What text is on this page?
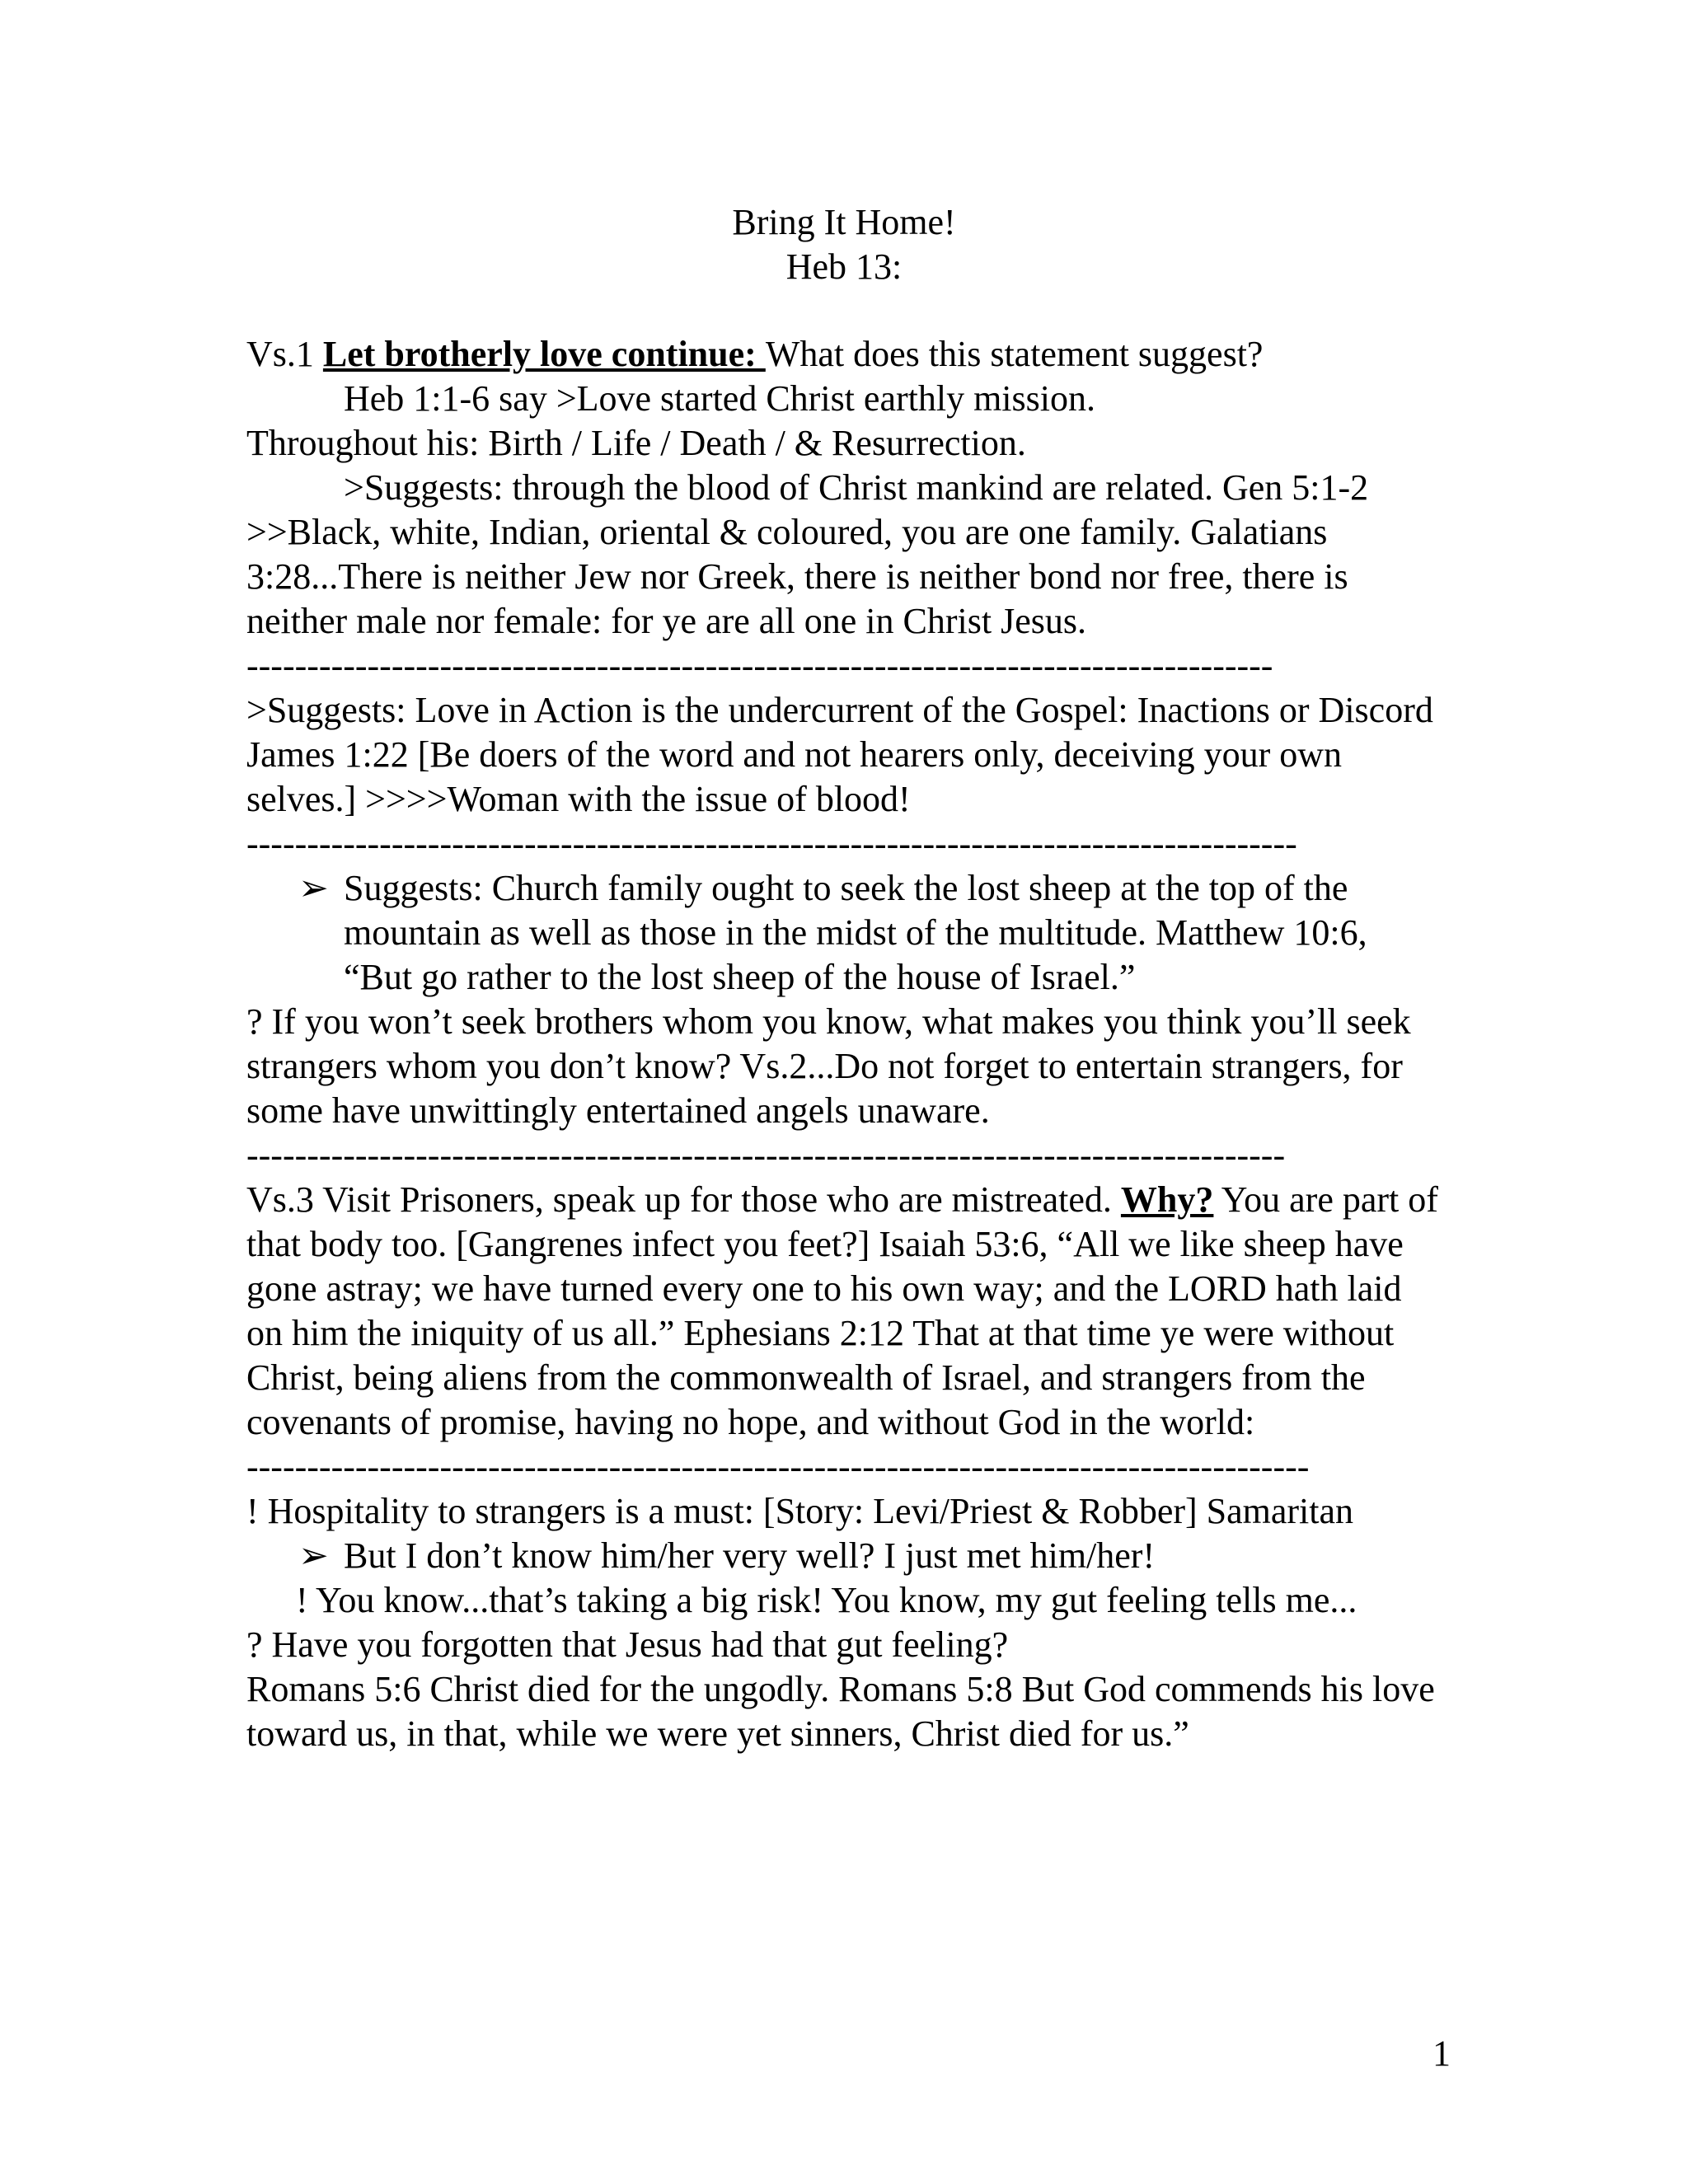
Bring It Home!
Heb 13:

Vs.1 Let brotherly love continue: What does this statement suggest?

Heb 1:1-6 say >Love started Christ earthly mission.

Throughout his: Birth / Life / Death / & Resurrection.

>Suggests: through the blood of Christ mankind are related. Gen 5:1-2

>>Black, white, Indian, oriental & coloured, you are one family. Galatians 3:28...There is neither Jew nor Greek, there is neither bond nor free, there is neither male nor female: for ye are all one in Christ Jesus.

-------------------------------------------------------------------------------------

>Suggests: Love in Action is the undercurrent of the Gospel: Inactions or Discord James 1:22 [Be doers of the word and not hearers only, deceiving your own selves.] >>>>Woman with the issue of blood!

---------------------------------------------------------------------------------------

➢ Suggests: Church family ought to seek the lost sheep at the top of the mountain as well as those in the midst of the multitude. Matthew 10:6, “But go rather to the lost sheep of the house of Israel.”

? If you won’t seek brothers whom you know, what makes you think you’ll seek strangers whom you don’t know? Vs.2...Do not forget to entertain strangers, for some have unwittingly entertained angels unaware.

--------------------------------------------------------------------------------------

Vs.3 Visit Prisoners, speak up for those who are mistreated. Why? You are part of that body too. [Gangrenes infect you feet?] Isaiah 53:6, “All we like sheep have gone astray; we have turned every one to his own way; and the LORD hath laid on him the iniquity of us all.” Ephesians 2:12 That at that time ye were without Christ, being aliens from the commonwealth of Israel, and strangers from the covenants of promise, having no hope, and without God in the world:

----------------------------------------------------------------------------------------

! Hospitality to strangers is a must: [Story: Levi/Priest & Robber] Samaritan

➢ But I don’t know him/her very well? I just met him/her!

! You know...that’s taking a big risk! You know, my gut feeling tells me...

? Have you forgotten that Jesus had that gut feeling?

Romans 5:6 Christ died for the ungodly. Romans 5:8 But God commends his love toward us, in that, while we were yet sinners, Christ died for us.”

1
